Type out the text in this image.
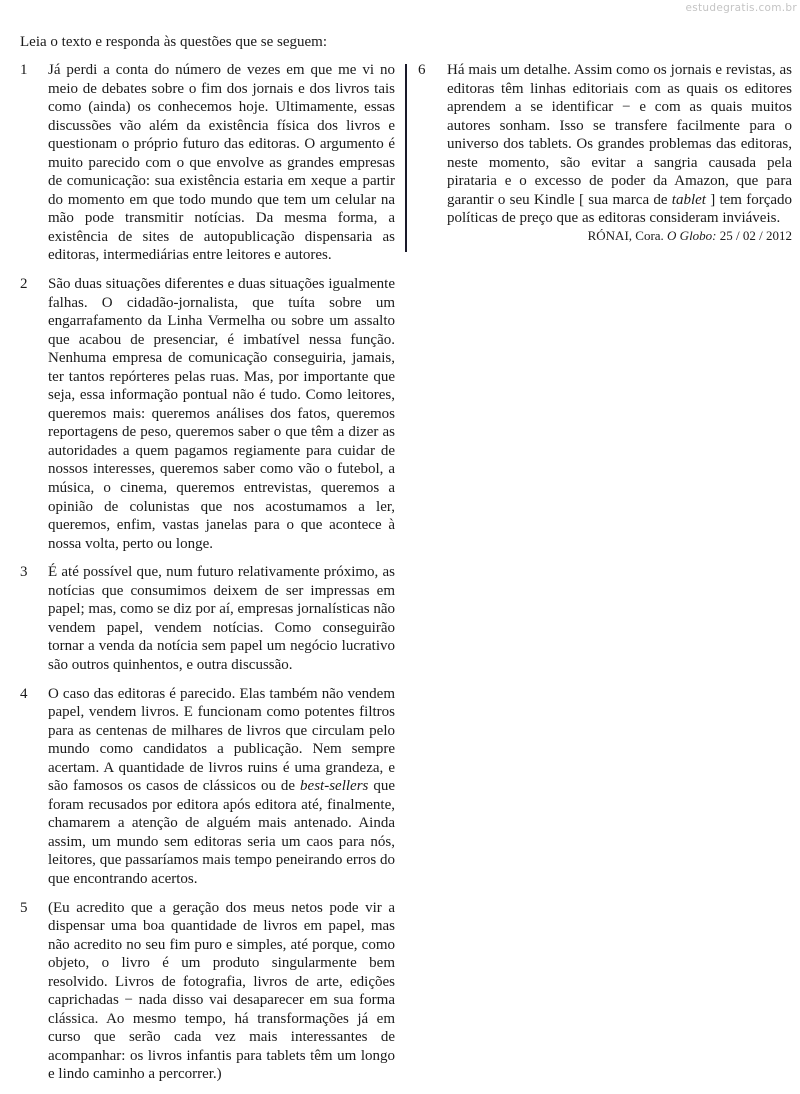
estudegratis.com.br
Leia o texto e responda às questões que se seguem:
1 Já perdi a conta do número de vezes em que me vi no meio de debates sobre o fim dos jornais e dos livros tais como (ainda) os conhecemos hoje. Ultimamente, essas discussões vão além da existência física dos livros e questionam o próprio futuro das editoras. O argumento é muito parecido com o que envolve as grandes empresas de comunicação: sua existência estaria em xeque a partir do momento em que todo mundo que tem um celular na mão pode transmitir notícias. Da mesma forma, a existência de sites de autopublicação dispensaria as editoras, intermediárias entre leitores e autores.
2 São duas situações diferentes e duas situações igualmente falhas. O cidadão-jornalista, que tuíta sobre um engarrafamento da Linha Vermelha ou sobre um assalto que acabou de presenciar, é imbatível nessa função. Nenhuma empresa de comunicação conseguiria, jamais, ter tantos repórteres pelas ruas. Mas, por importante que seja, essa informação pontual não é tudo. Como leitores, queremos mais: queremos análises dos fatos, queremos reportagens de peso, queremos saber o que têm a dizer as autoridades a quem pagamos regiamente para cuidar de nossos interesses, queremos saber como vão o futebol, a música, o cinema, queremos entrevistas, queremos a opinião de colunistas que nos acostumamos a ler, queremos, enfim, vastas janelas para o que acontece à nossa volta, perto ou longe.
3 É até possível que, num futuro relativamente próximo, as notícias que consumimos deixem de ser impressas em papel; mas, como se diz por aí, empresas jornalísticas não vendem papel, vendem notícias. Como conseguirão tornar a venda da notícia sem papel um negócio lucrativo são outros quinhentos, e outra discussão.
4 O caso das editoras é parecido. Elas também não vendem papel, vendem livros. E funcionam como potentes filtros para as centenas de milhares de livros que circulam pelo mundo como candidatos a publicação. Nem sempre acertam. A quantidade de livros ruins é uma grandeza, e são famosos os casos de clássicos ou de best-sellers que foram recusados por editora após editora até, finalmente, chamarem a atenção de alguém mais antenado. Ainda assim, um mundo sem editoras seria um caos para nós, leitores, que passaríamos mais tempo peneirando erros do que encontrando acertos.
5 (Eu acredito que a geração dos meus netos pode vir a dispensar uma boa quantidade de livros em papel, mas não acredito no seu fim puro e simples, até porque, como objeto, o livro é um produto singularmente bem resolvido. Livros de fotografia, livros de arte, edições caprichadas − nada disso vai desaparecer em sua forma clássica. Ao mesmo tempo, há transformações já em curso que serão cada vez mais interessantes de acompanhar: os livros infantis para tablets têm um longo e lindo caminho a percorrer.)
6 Há mais um detalhe. Assim como os jornais e revistas, as editoras têm linhas editoriais com as quais os editores aprendem a se identificar − e com as quais muitos autores sonham. Isso se transfere facilmente para o universo dos tablets. Os grandes problemas das editoras, neste momento, são evitar a sangria causada pela pirataria e o excesso de poder da Amazon, que para garantir o seu Kindle [ sua marca de tablet ] tem forçado políticas de preço que as editoras consideram inviáveis.
RÓNAI, Cora. O Globo: 25 / 02 / 2012
